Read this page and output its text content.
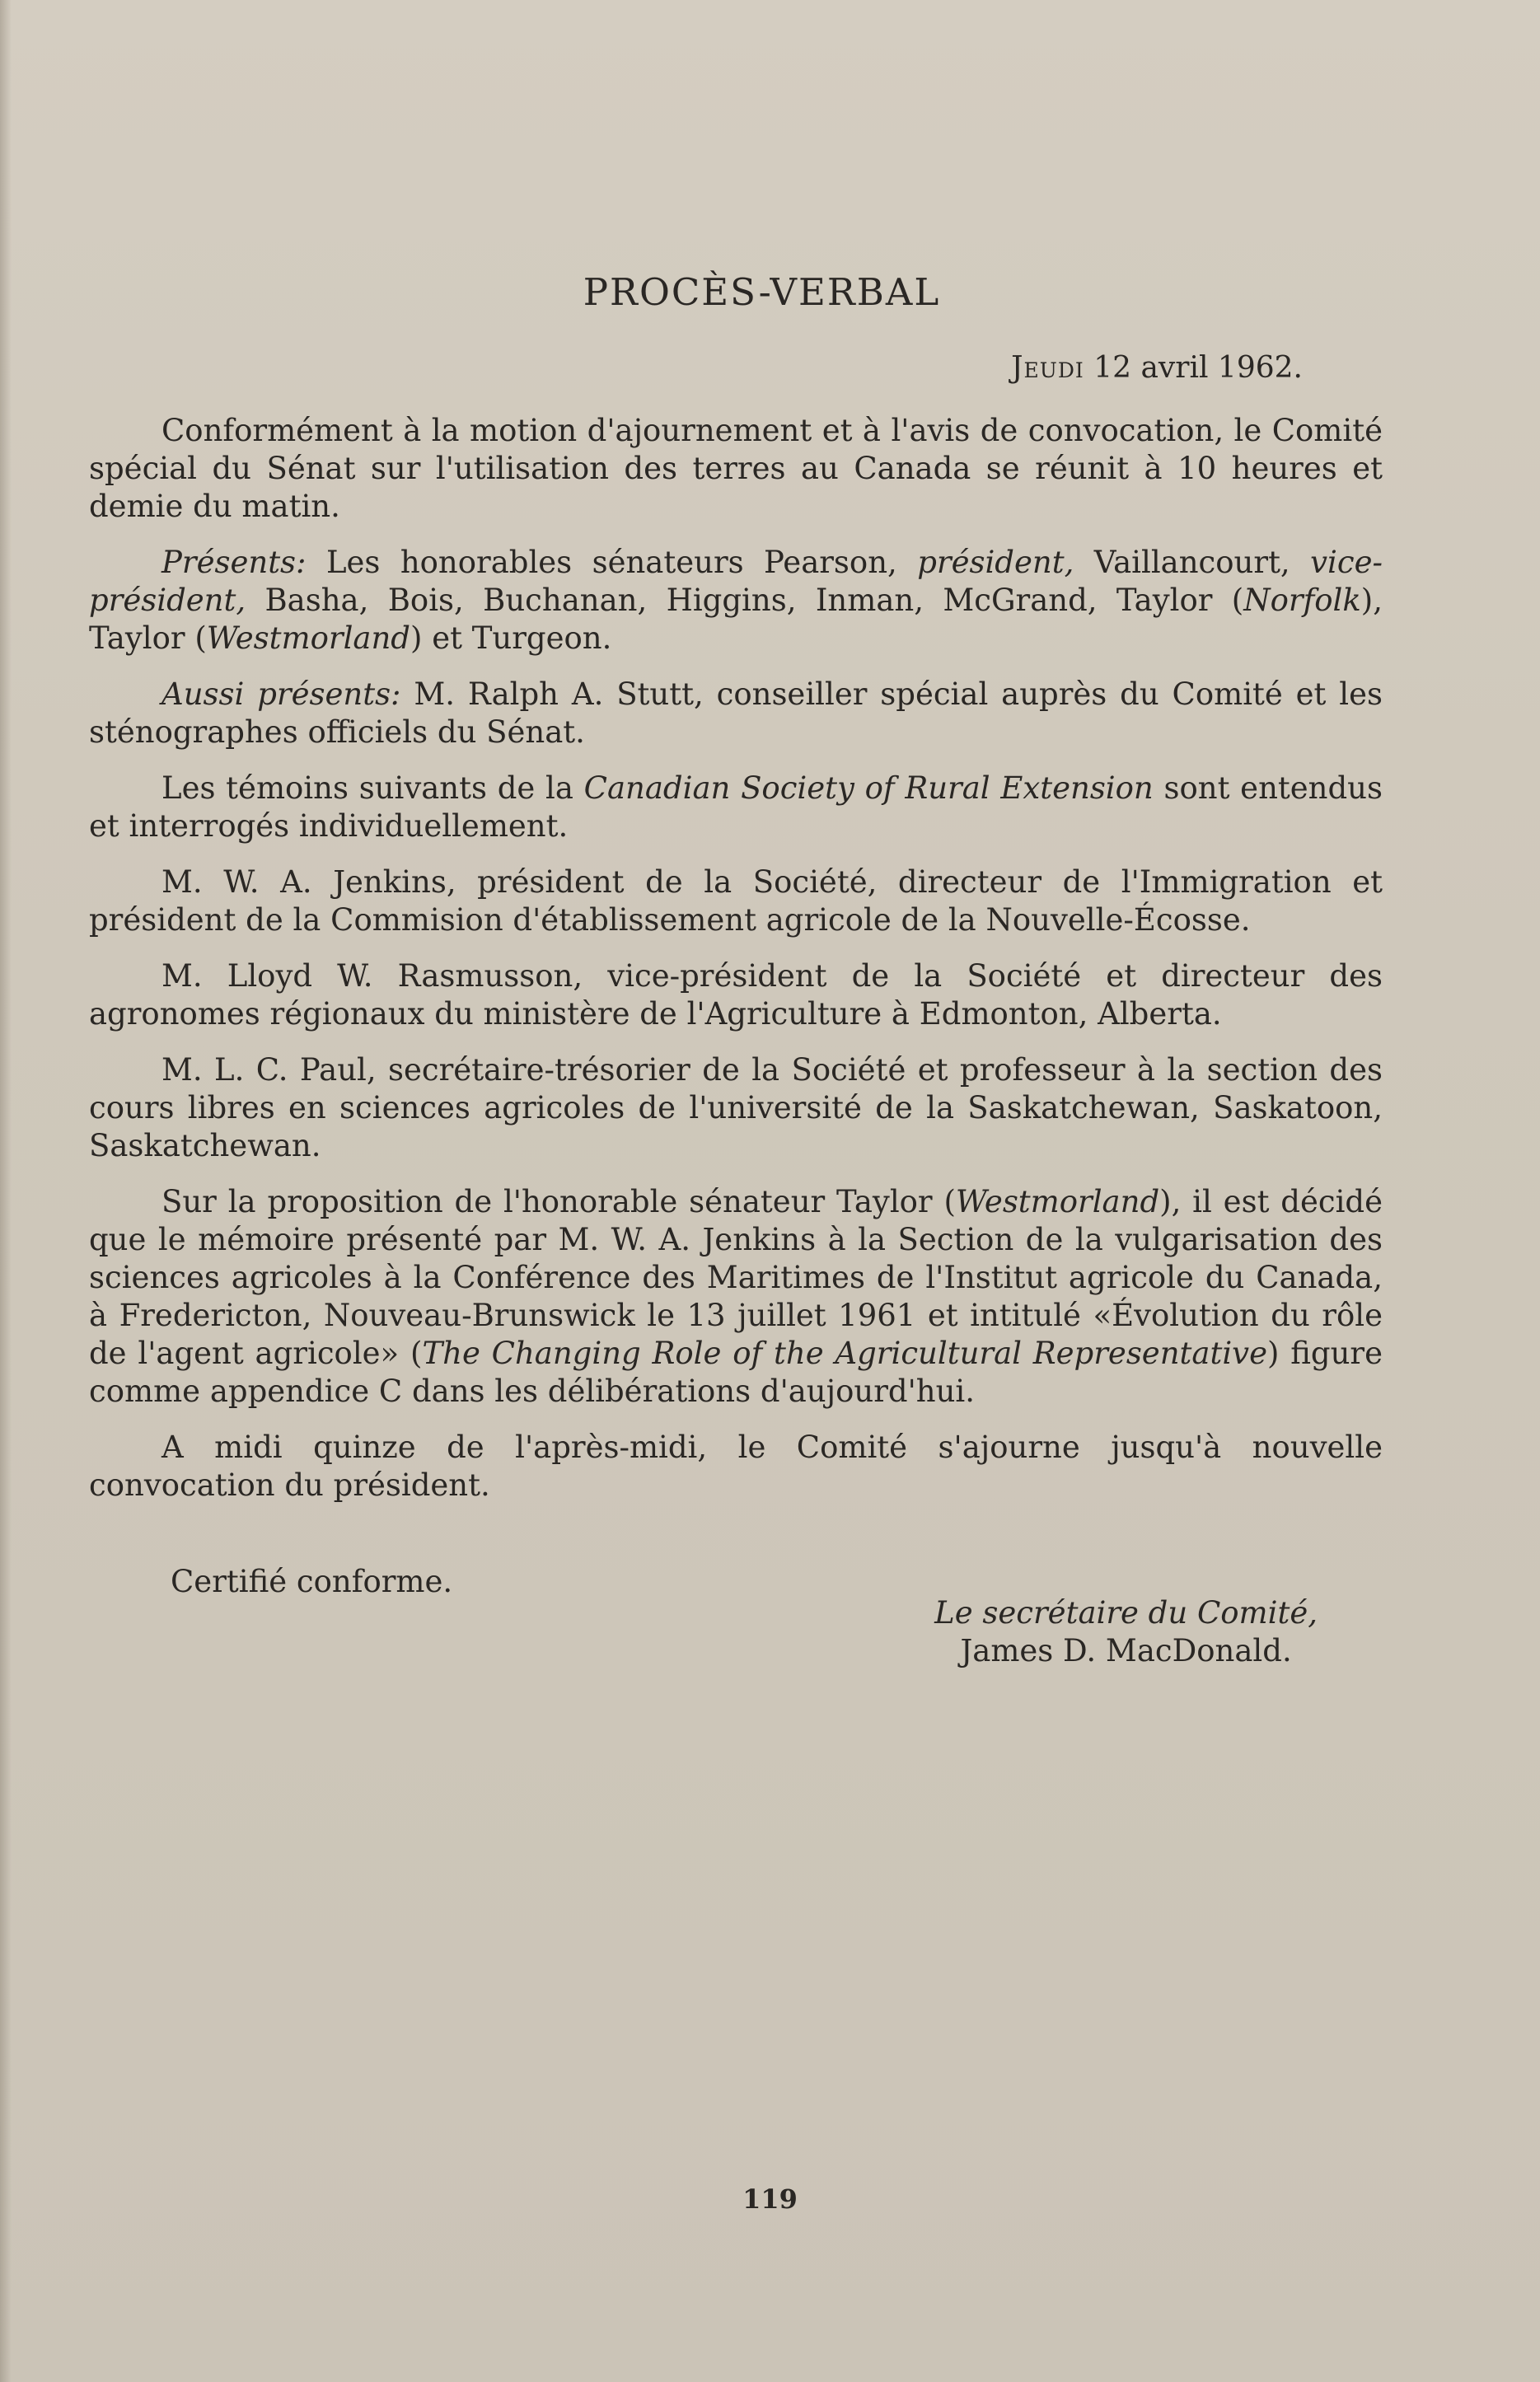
PROCÈS-VERBAL
Jeudi 12 avril 1962.

Conformément à la motion d'ajournement et à l'avis de convocation, le Comité spécial du Sénat sur l'utilisation des terres au Canada se réunit à 10 heures et demie du matin.

Présents: Les honorables sénateurs Pearson, président, Vaillancourt, vice-président, Basha, Bois, Buchanan, Higgins, Inman, McGrand, Taylor (Norfolk), Taylor (Westmorland) et Turgeon.

Aussi présents: M. Ralph A. Stutt, conseiller spécial auprès du Comité et les sténographes officiels du Sénat.

Les témoins suivants de la Canadian Society of Rural Extension sont entendus et interrogés individuellement.

M. W. A. Jenkins, président de la Société, directeur de l'Immigration et président de la Commision d'établissement agricole de la Nouvelle-Écosse.

M. Lloyd W. Rasmusson, vice-président de la Société et directeur des agronomes régionaux du ministère de l'Agriculture à Edmonton, Alberta.

M. L. C. Paul, secrétaire-trésorier de la Société et professeur à la section des cours libres en sciences agricoles de l'université de la Saskatchewan, Saskatoon, Saskatchewan.

Sur la proposition de l'honorable sénateur Taylor (Westmorland), il est décidé que le mémoire présenté par M. W. A. Jenkins à la Section de la vulgarisation des sciences agricoles à la Conférence des Maritimes de l'Institut agricole du Canada, à Fredericton, Nouveau-Brunswick le 13 juillet 1961 et intitulé «Évolution du rôle de l'agent agricole» (The Changing Role of the Agricultural Representative) figure comme appendice C dans les délibérations d'aujourd'hui.

A midi quinze de l'après-midi, le Comité s'ajourne jusqu'à nouvelle convocation du président.

Certifié conforme.
Le secrétaire du Comité,
James D. MacDonald.
119
